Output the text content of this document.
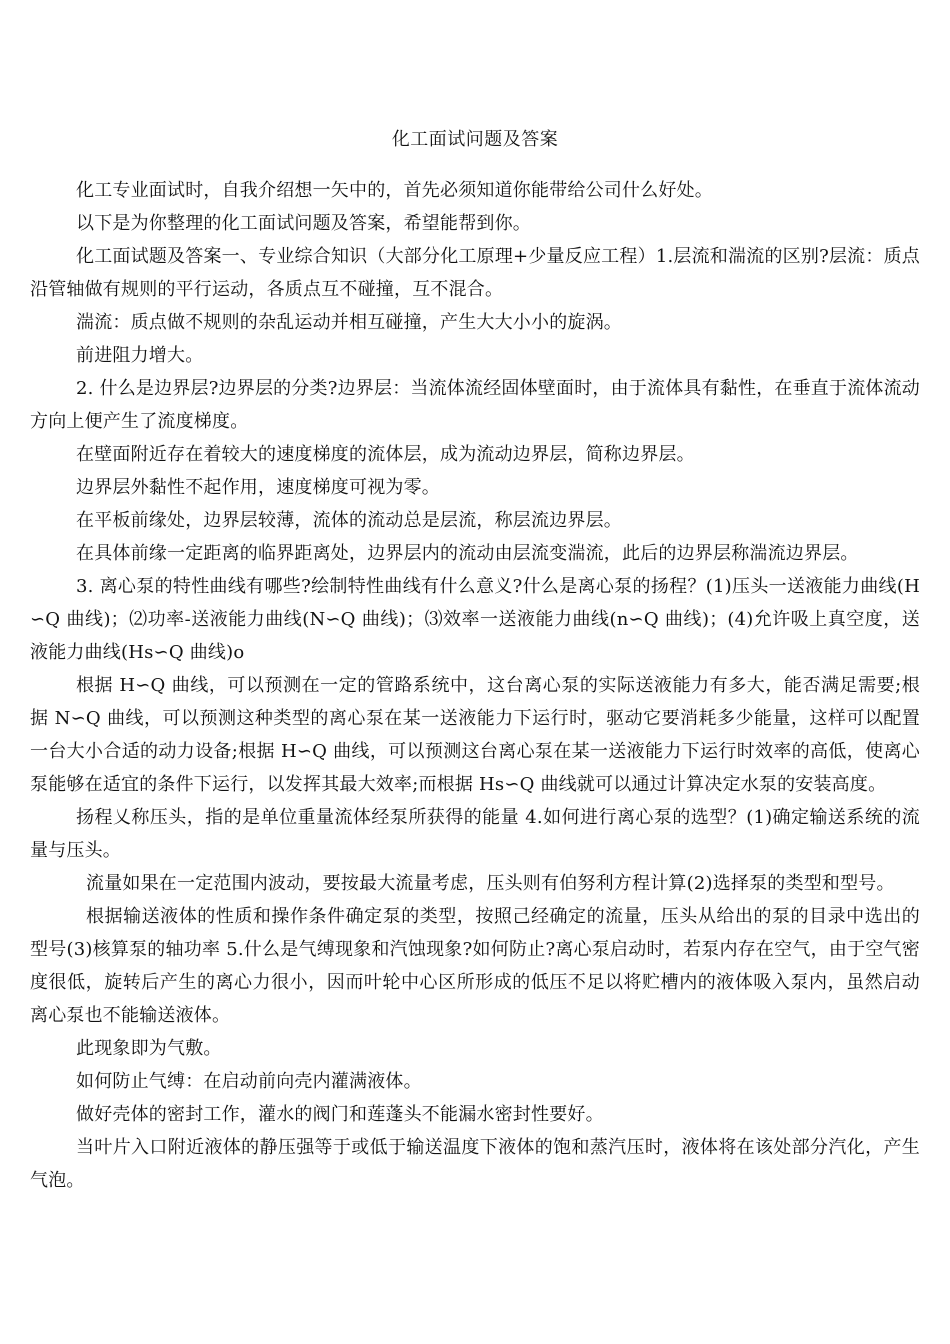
化工面试问题及答案

化工专业面试时，自我介绍想一矢中的，首先必须知道你能带给公司什么好处。

以下是为你整理的化工面试问题及答案，希望能帮到你。

化工面试题及答案一、专业综合知识（大部分化工原理+少量反应工程）1.层流和湍流的区别?层流：质点沿管轴做有规则的平行运动，各质点互不碰撞，互不混合。

湍流：质点做不规则的杂乱运动并相互碰撞，产生大大小小的旋涡。

前进阻力增大。

2. 什么是边界层?边界层的分类?边界层：当流体流经固体壁面时，由于流体具有黏性，在垂直于流体流动方向上便产生了流度梯度。

在壁面附近存在着较大的速度梯度的流体层，成为流动边界层，简称边界层。

边界层外黏性不起作用，速度梯度可视为零。

在平板前缘处，边界层较薄，流体的流动总是层流，称层流边界层。

在具体前缘一定距离的临界距离处，边界层内的流动由层流变湍流，此后的边界层称湍流边界层。

3. 离心泵的特性曲线有哪些?绘制特性曲线有什么意义?什么是离心泵的扬程？(1)压头一送液能力曲线(H∽Q 曲线)；⑵功率-送液能力曲线(N∽Q 曲线)；⑶效率一送液能力曲线(n∽Q 曲线)；(4)允许吸上真空度，送液能力曲线(Hs∽Q 曲线)o

根据 H∽Q 曲线，可以预测在一定的管路系统中，这台离心泵的实际送液能力有多大，能否满足需要;根据 N∽Q 曲线，可以预测这种类型的离心泵在某一送液能力下运行时，驱动它要消耗多少能量，这样可以配置一台大小合适的动力设备;根据 H∽Q 曲线，可以预测这台离心泵在某一送液能力下运行时效率的高低，使离心泵能够在适宜的条件下运行，以发挥其最大效率;而根据 Hs∽Q 曲线就可以通过计算决定水泵的安装高度。

扬程乂称压头，指的是单位重量流体经泵所获得的能量 4.如何进行离心泵的选型？(1)确定输送系统的流量与压头。

流量如果在一定范围内波动，要按最大流量考虑，压头则有伯努利方程计算(2)选择泵的类型和型号。

根据输送液体的性质和操作条件确定泵的类型，按照己经确定的流量，压头从给出的泵的目录中选出的型号(3)核算泵的轴功率 5.什么是气缚现象和汽蚀现象?如何防止?离心泵启动时，若泵内存在空气，由于空气密度很低，旋转后产生的离心力很小，因而叶轮中心区所形成的低压不足以将贮槽内的液体吸入泵内，虽然启动离心泵也不能输送液体。

此现象即为气敷。

如何防止气缚：在启动前向壳内灌满液体。

做好壳体的密封工作，灌水的阀门和莲蓬头不能漏水密封性要好。

当叶片入口附近液体的静压强等于或低于输送温度下液体的饱和蒸汽压时，液体将在该处部分汽化，产生气泡。
